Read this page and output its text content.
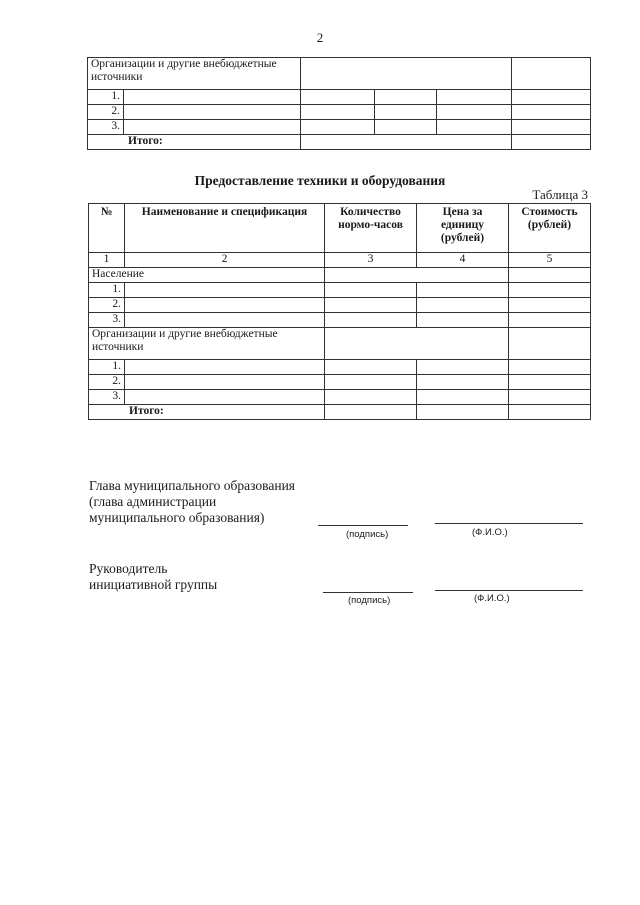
2
Организации и другие внебюджетные источники					
1.					
2.					
3.					
Итого:					
Предоставление техники и оборудования
Таблица 3
№	Наименование и спецификация	Количество нормо-часов	Цена за единицу (рублей)	Стоимость (рублей)
1	2	3	4	5
Население				
1.				
2.				
3.				
Организации и другие внебюджетные источники				
1.				
2.				
3.				
Итого:				
Глава муниципального образования
(глава администрации
муниципального образования)
(подпись)	(Ф.И.О.)
Руководитель
инициативной группы
(подпись)	(Ф.И.О.)
